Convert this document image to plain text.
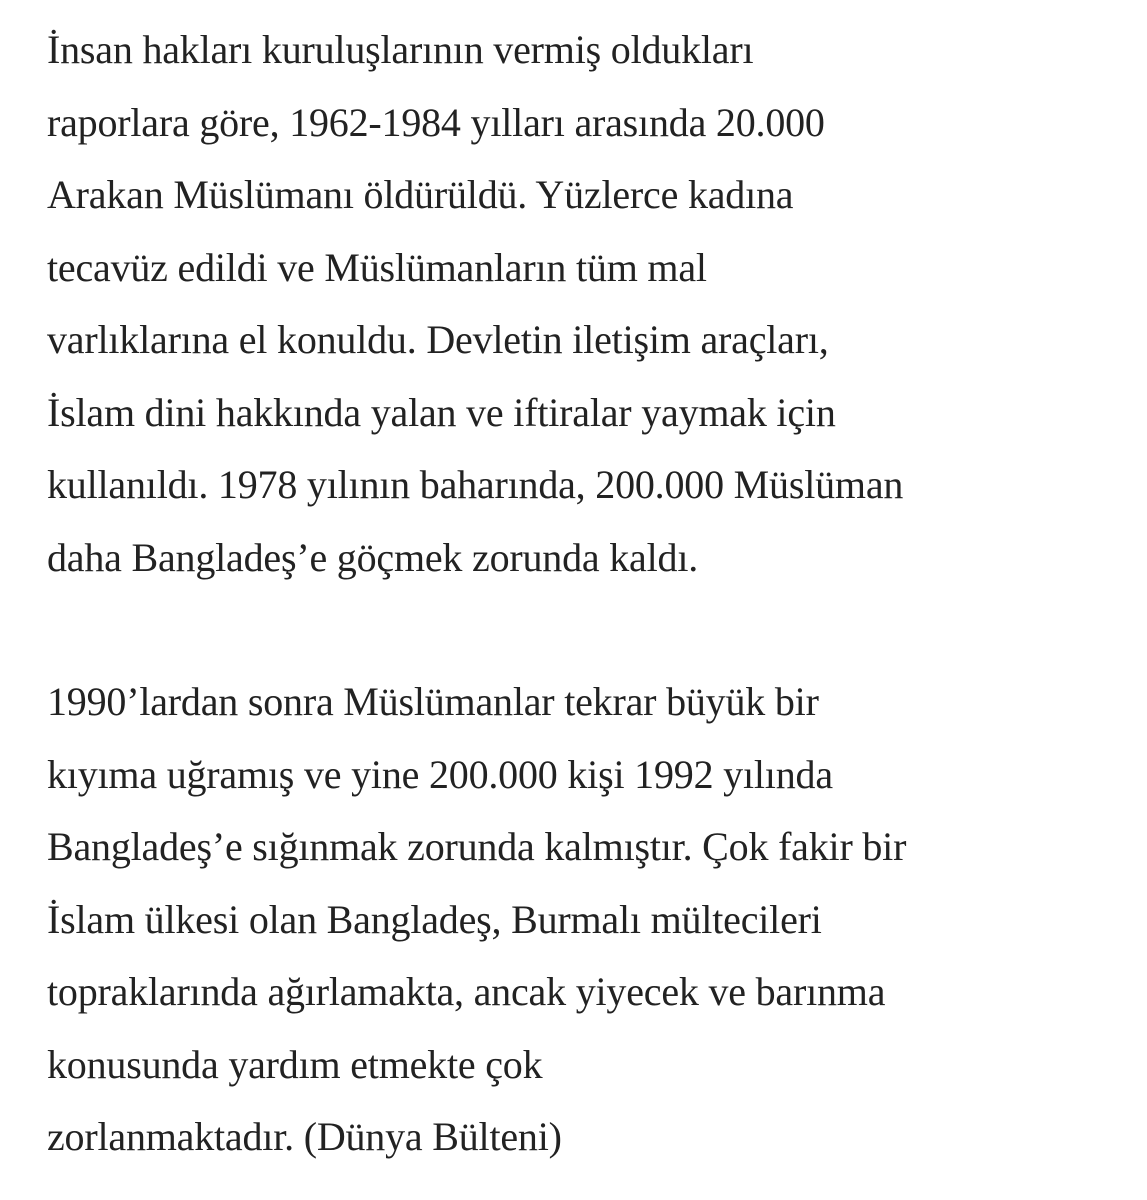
İnsan hakları kuruluşlarının vermiş oldukları
raporlara göre, 1962-1984 yılları arasında 20.000
Arakan Müslümanı öldürüldü. Yüzlerce kadına
tecavüz edildi ve Müslümanların tüm mal
varlıklarına el konuldu. Devletin iletişim araçları,
İslam dini hakkında yalan ve iftiralar yaymak için
kullanıldı. 1978 yılının baharında, 200.000 Müslüman
daha Bangladeş’e göçmek zorunda kaldı.

1990’lardan sonra Müslümanlar tekrar büyük bir
kıyıma uğramış ve yine 200.000 kişi 1992 yılında
Bangladeş’e sığınmak zorunda kalmıştır. Çok fakir bir
İslam ülkesi olan Bangladeş, Burmalı mültecileri
topraklarında ağırlamakta, ancak yiyecek ve barınma
konusunda yardım etmekte çok
zorlanmaktadır. (Dünya Bülteni)
